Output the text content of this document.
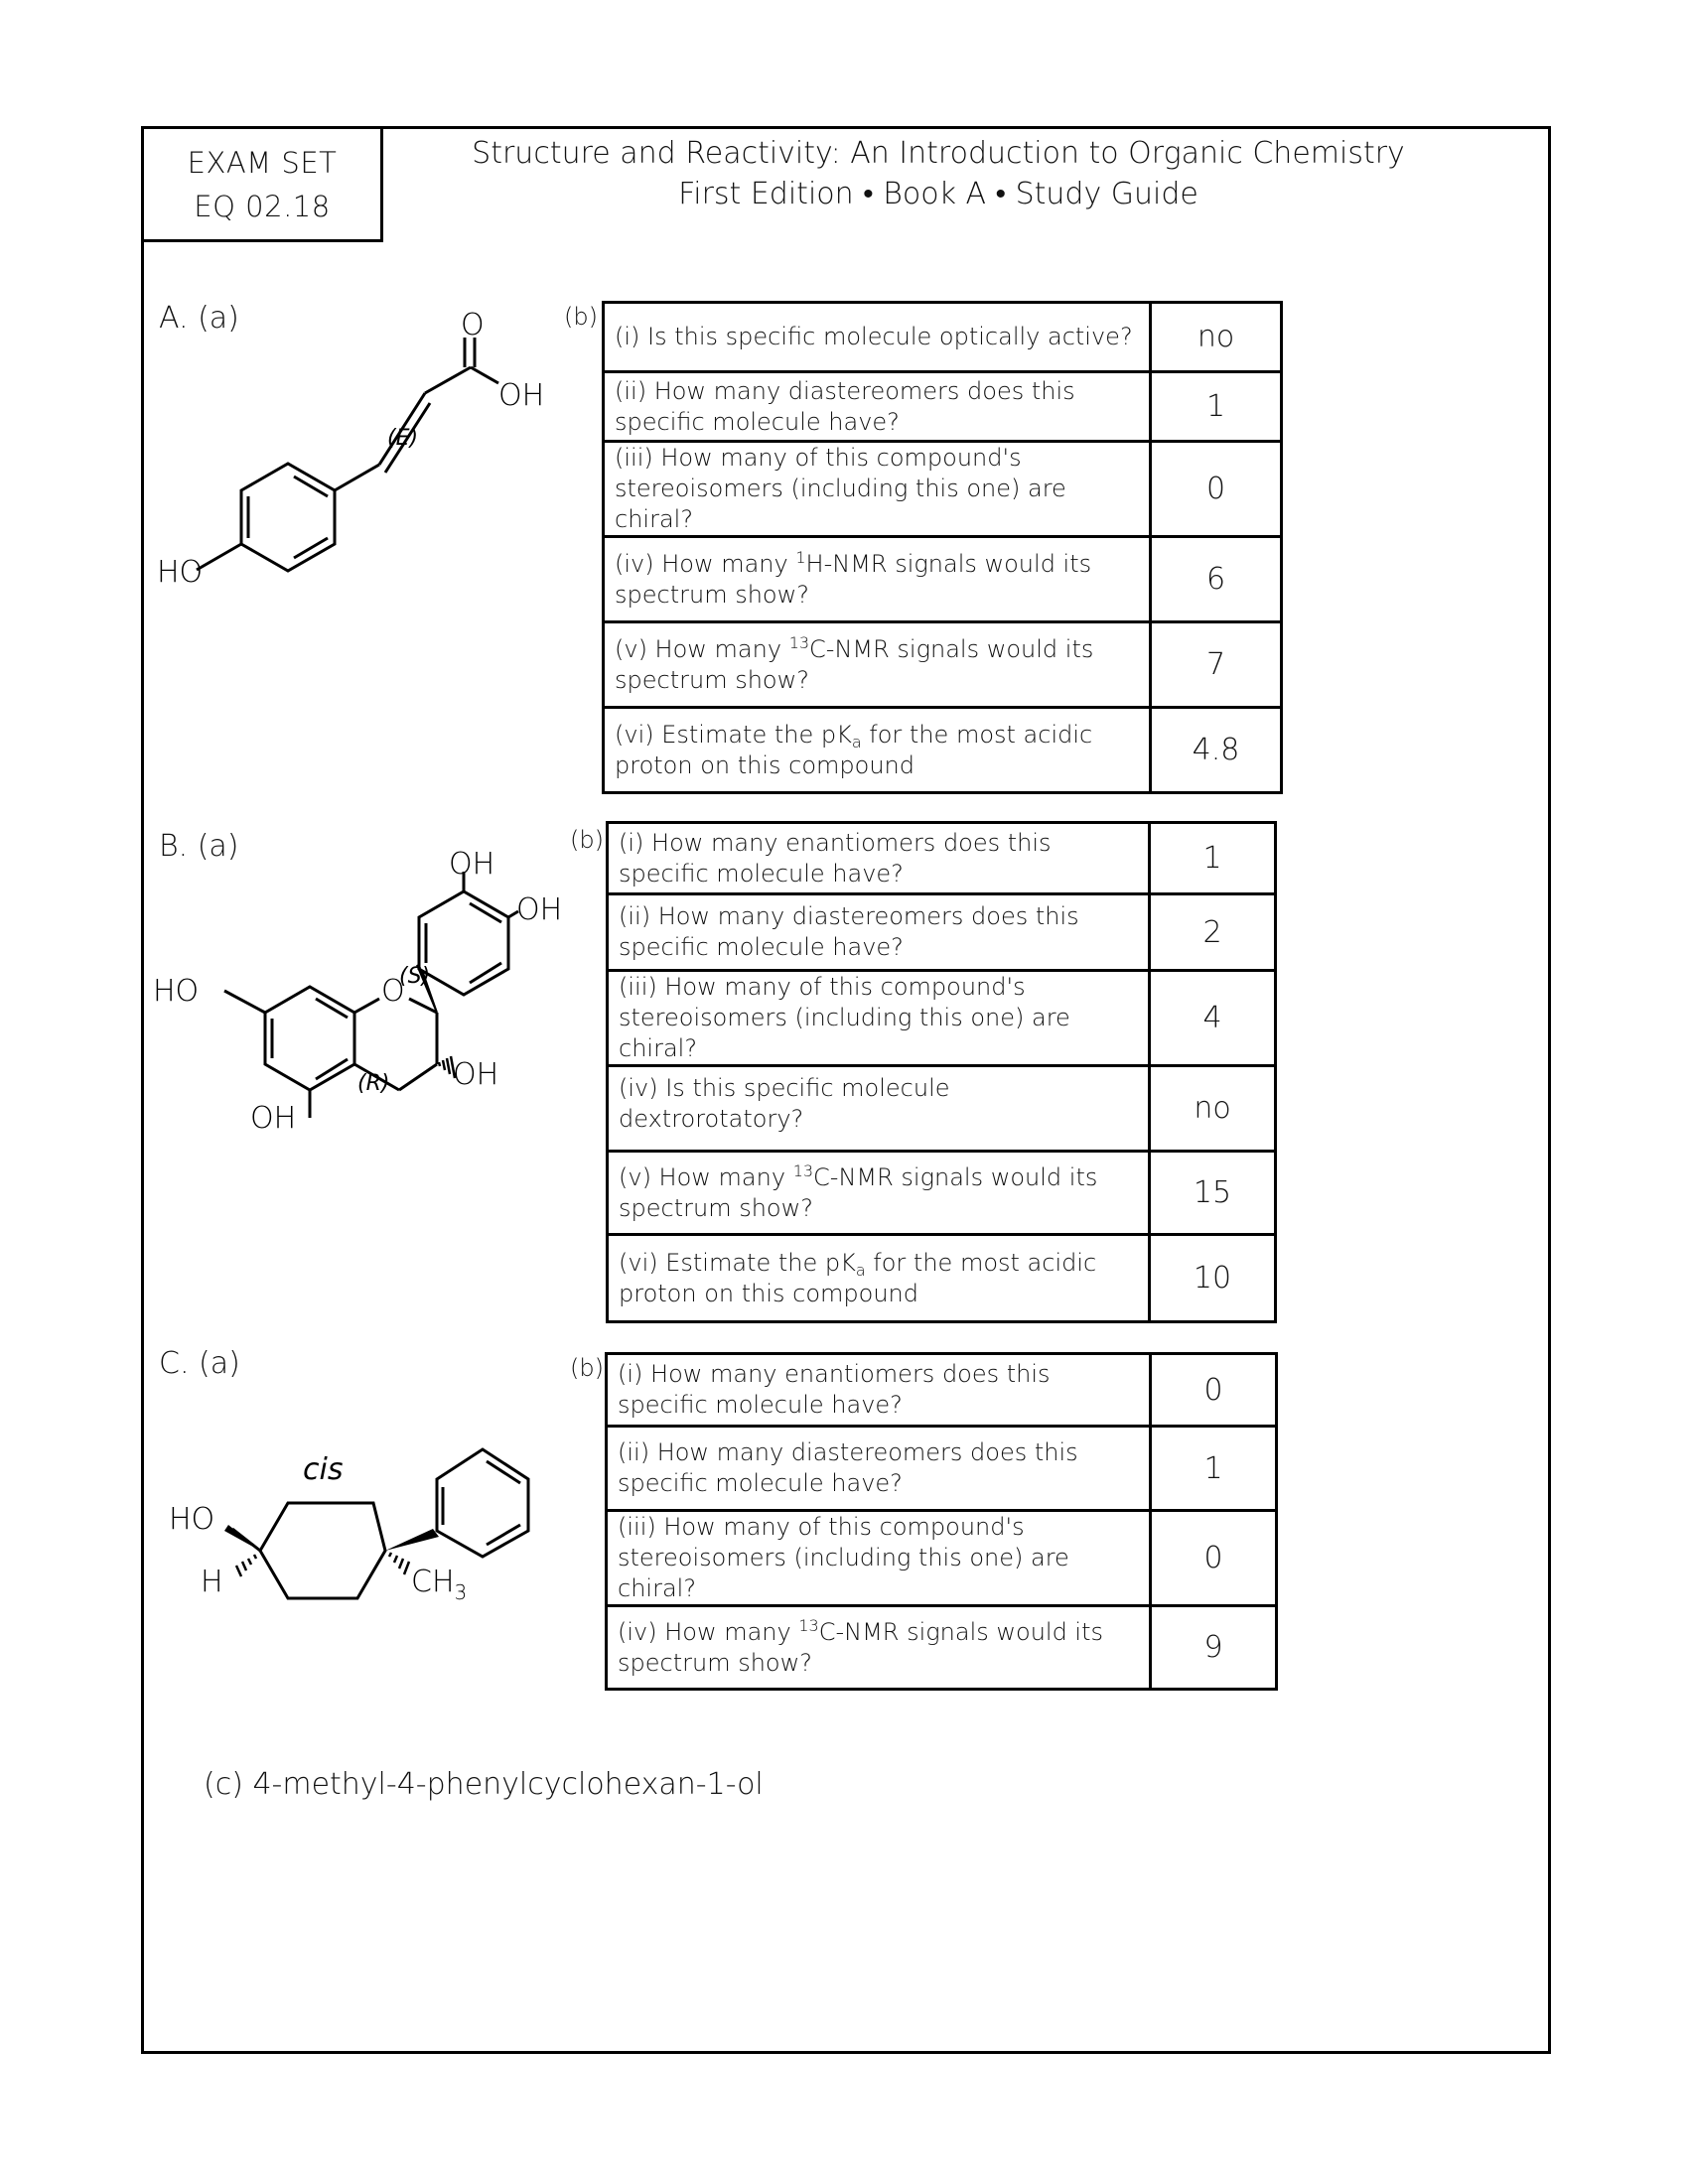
EXAM SET
EQ 02.18
Structure and Reactivity: An Introduction to Organic Chemistry
First Edition • Book A • Study Guide
A. (a)	(b)
O
OH
(E)
HO
(i) Is this specific molecule optically active?	no
(ii) How many diastereomers does this specific molecule have?	1
(iii) How many of this compound's stereoisomers (including this one) are chiral?	0
(iv) How many $^1$H-NMR signals would its spectrum show?	6
(v) How many $^{13}$C-NMR signals would its spectrum show?	7
(vi) Estimate the $pK_a$ for the most acidic proton on this compound	4.8
B. (a)	(b)
OH
OH
HO	O
(S)
(R) OH
OH
(i) How many enantiomers does this specific molecule have?	1
(ii) How many diastereomers does this specific molecule have?	2
(iii) How many of this compound's stereoisomers (including this one) are chiral?	4
(iv) Is this specific molecule dextrorotatory?	no
(v) How many $^{13}$C-NMR signals would its spectrum show?	15
(vi) Estimate the $pK_a$ for the most acidic proton on this compound	10
C. (a)	(b)
cis
HO
H	$CH_3$
(i) How many enantiomers does this specific molecule have?	0
(ii) How many diastereomers does this specific molecule have?	1
(iii) How many of this compound's stereoisomers (including this one) are chiral?	0
(iv) How many $^{13}$C-NMR signals would its spectrum show?	9
(c) 4-methyl-4-phenylcyclohexan-1-ol
